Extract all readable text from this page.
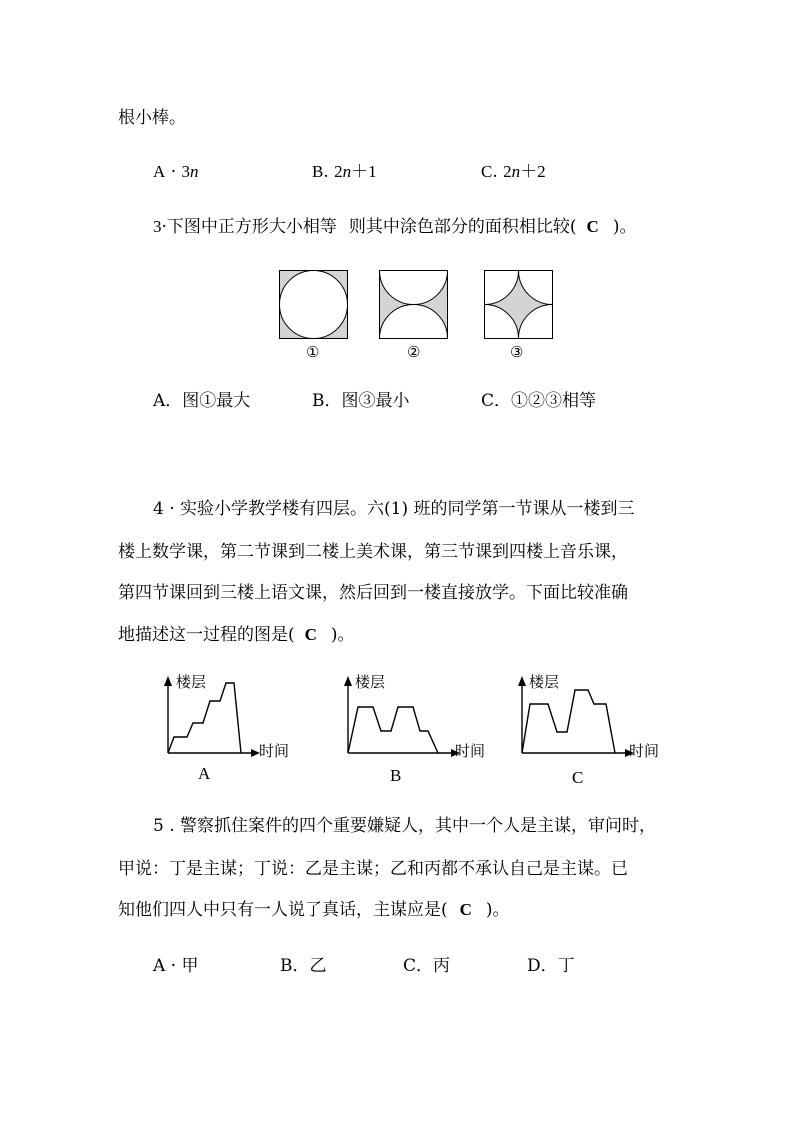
根小棒。
A · 3n	B. 2n＋1	C. 2n＋2
3·下图中正方形大小相等 则其中涂色部分的面积相比较( C )。
①	②	③
A．图①最大	B．图③最小	C．①②③相等
4 · 实验小学教学楼有四层。六(1) 班的同学第一节课从一楼到三
楼上数学课，第二节课到二楼上美术课，第三节课到四楼上音乐课，
第四节课回到三楼上语文课，然后回到一楼直接放学。下面比较准确
地描述这一过程的图是( C )。
楼层
时间
A
楼层
时间
B
楼层
时间
C
5 . 警察抓住案件的四个重要嫌疑人，其中一个人是主谋，审问时，
甲说：丁是主谋；丁说：乙是主谋；乙和丙都不承认自己是主谋。已
知他们四人中只有一人说了真话，主谋应是( C )。
A · 甲	B．乙	C．丙	D．丁
